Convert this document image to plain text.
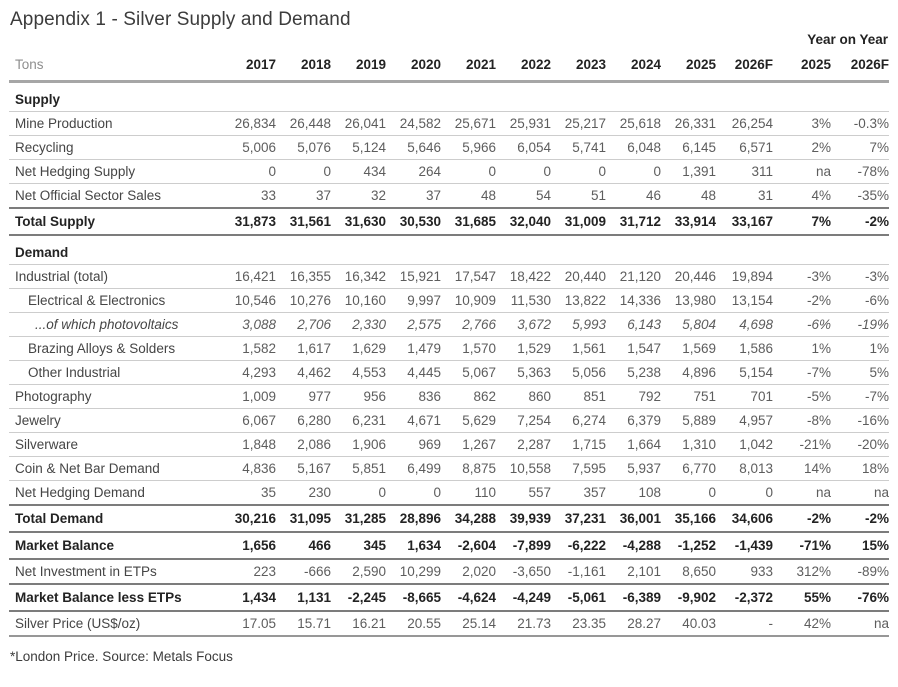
Appendix 1 - Silver Supply and Demand
Year on Year
Tons	2017	2018	2019	2020	2021	2022	2023	2024	2025	2026F	2025	2026F
Supply												
Mine Production	26,834	26,448	26,041	24,582	25,671	25,931	25,217	25,618	26,331	26,254	3%	-0.3%
Recycling	5,006	5,076	5,124	5,646	5,966	6,054	5,741	6,048	6,145	6,571	2%	7%
Net Hedging Supply	0	0	434	264	0	0	0	0	1,391	311	na	-78%
Net Official Sector Sales	33	37	32	37	48	54	51	46	48	31	4%	-35%
Total Supply	31,873	31,561	31,630	30,530	31,685	32,040	31,009	31,712	33,914	33,167	7%	-2%
Demand												
Industrial (total)	16,421	16,355	16,342	15,921	17,547	18,422	20,440	21,120	20,446	19,894	-3%	-3%
Electrical & Electronics	10,546	10,276	10,160	9,997	10,909	11,530	13,822	14,336	13,980	13,154	-2%	-6%
...of which photovoltaics	3,088	2,706	2,330	2,575	2,766	3,672	5,993	6,143	5,804	4,698	-6%	-19%
Brazing Alloys & Solders	1,582	1,617	1,629	1,479	1,570	1,529	1,561	1,547	1,569	1,586	1%	1%
Other Industrial	4,293	4,462	4,553	4,445	5,067	5,363	5,056	5,238	4,896	5,154	-7%	5%
Photography	1,009	977	956	836	862	860	851	792	751	701	-5%	-7%
Jewelry	6,067	6,280	6,231	4,671	5,629	7,254	6,274	6,379	5,889	4,957	-8%	-16%
Silverware	1,848	2,086	1,906	969	1,267	2,287	1,715	1,664	1,310	1,042	-21%	-20%
Coin & Net Bar Demand	4,836	5,167	5,851	6,499	8,875	10,558	7,595	5,937	6,770	8,013	14%	18%
Net Hedging Demand	35	230	0	0	110	557	357	108	0	0	na	na
Total Demand	30,216	31,095	31,285	28,896	34,288	39,939	37,231	36,001	35,166	34,606	-2%	-2%
Market Balance	1,656	466	345	1,634	-2,604	-7,899	-6,222	-4,288	-1,252	-1,439	-71%	15%
Net Investment in ETPs	223	-666	2,590	10,299	2,020	-3,650	-1,161	2,101	8,650	933	312%	-89%
Market Balance less ETPs	1,434	1,131	-2,245	-8,665	-4,624	-4,249	-5,061	-6,389	-9,902	-2,372	55%	-76%
Silver Price (US$/oz)	17.05	15.71	16.21	20.55	25.14	21.73	23.35	28.27	40.03	-	42%	na
*London Price. Source: Metals Focus
